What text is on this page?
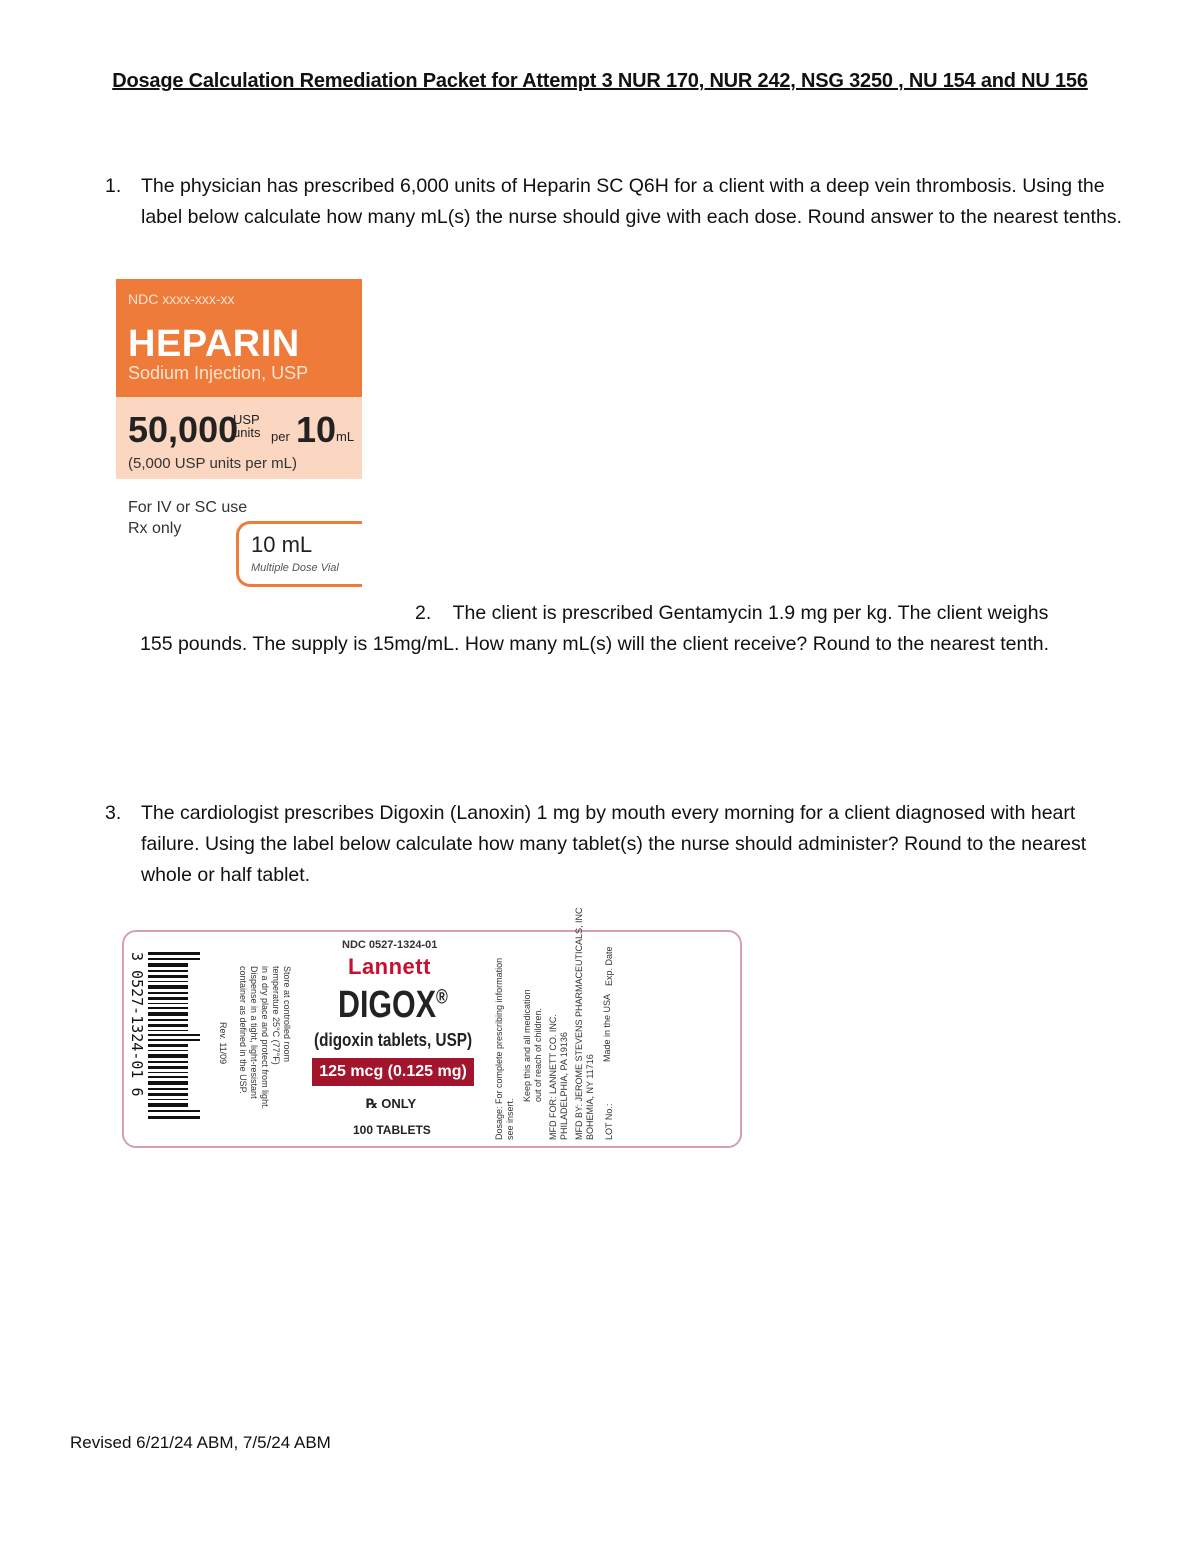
Dosage Calculation Remediation Packet for Attempt 3 NUR 170, NUR 242, NSG 3250 , NU 154 and NU 156
1. The physician has prescribed 6,000 units of Heparin SC Q6H for a client with a deep vein thrombosis. Using the label below calculate how many mL(s) the nurse should give with each dose. Round answer to the nearest tenths.
NDC xxxx-xxx-xx
HEPARIN
Sodium Injection, USP
50,000
USP
units per 10 mL
(5,000 USP units per mL)
For IV or SC use
Rx only
10 mL
Multiple Dose Vial
2. The client is prescribed Gentamycin 1.9 mg per kg. The client weighs
155 pounds. The supply is 15mg/mL. How many mL(s) will the client receive? Round to the nearest tenth.
3. The cardiologist prescribes Digoxin (Lanoxin) 1 mg by mouth every morning for a client diagnosed with heart failure. Using the label below calculate how many tablet(s) the nurse should administer? Round to the nearest whole or half tablet.
3 0527-1324-01 6	Store at controlled room
temperature 25°C (77°F)
in a dry place and protect from light.
Dispense in a tight, light-resistant
container as defined in the USP.
Rev. 11/09
NDC 0527-1324-01
Lannett
DIGOX®
(digoxin tablets, USP)
125 mcg (0.125 mg)
℞ ONLY
100 TABLETS	Dosage: For complete prescribing information see insert.
Keep this and all medication out of reach of children. MFD FOR: LANNETT CO. INC. PHILADELPHIA, PA 19136 MFD BY: JEROME STEVENS PHARMACEUTICALS, INC BOHEMIA, NY 11716
Made in the USA
LOT No.:
Exp. Date
Revised 6/21/24 ABM, 7/5/24 ABM
